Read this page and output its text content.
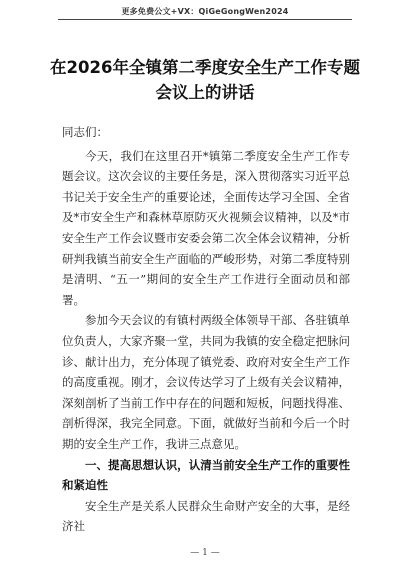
更多免费公文+VX：QiGeGongWen2024
在2026年全镇第二季度安全生产工作专题会议上的讲话

同志们：

今天，我们在这里召开*镇第二季度安全生产工作专题会议。这次会议的主要任务是，深入贯彻落实习近平总书记关于安全生产的重要论述，全面传达学习全国、全省及*市安全生产和森林草原防灭火视频会议精神，以及*市安全生产工作会议暨市安委会第二次全体会议精神，分析研判我镇当前安全生产面临的严峻形势，对第二季度特别是清明、“五一”期间的安全生产工作进行全面动员和部署。

参加今天会议的有镇村两级全体领导干部、各驻镇单位负责人，大家齐聚一堂，共同为我镇的安全稳定把脉问诊、献计出力，充分体现了镇党委、政府对安全生产工作的高度重视。刚才，会议传达学习了上级有关会议精神，深刻剖析了当前工作中存在的问题和短板，问题找得准、剖析得深，我完全同意。下面，就做好当前和今后一个时期的安全生产工作，我讲三点意见。

一、提高思想认识，认清当前安全生产工作的重要性和紧迫性

安全生产是关系人民群众生命财产安全的大事，是经济社

— 1 —
